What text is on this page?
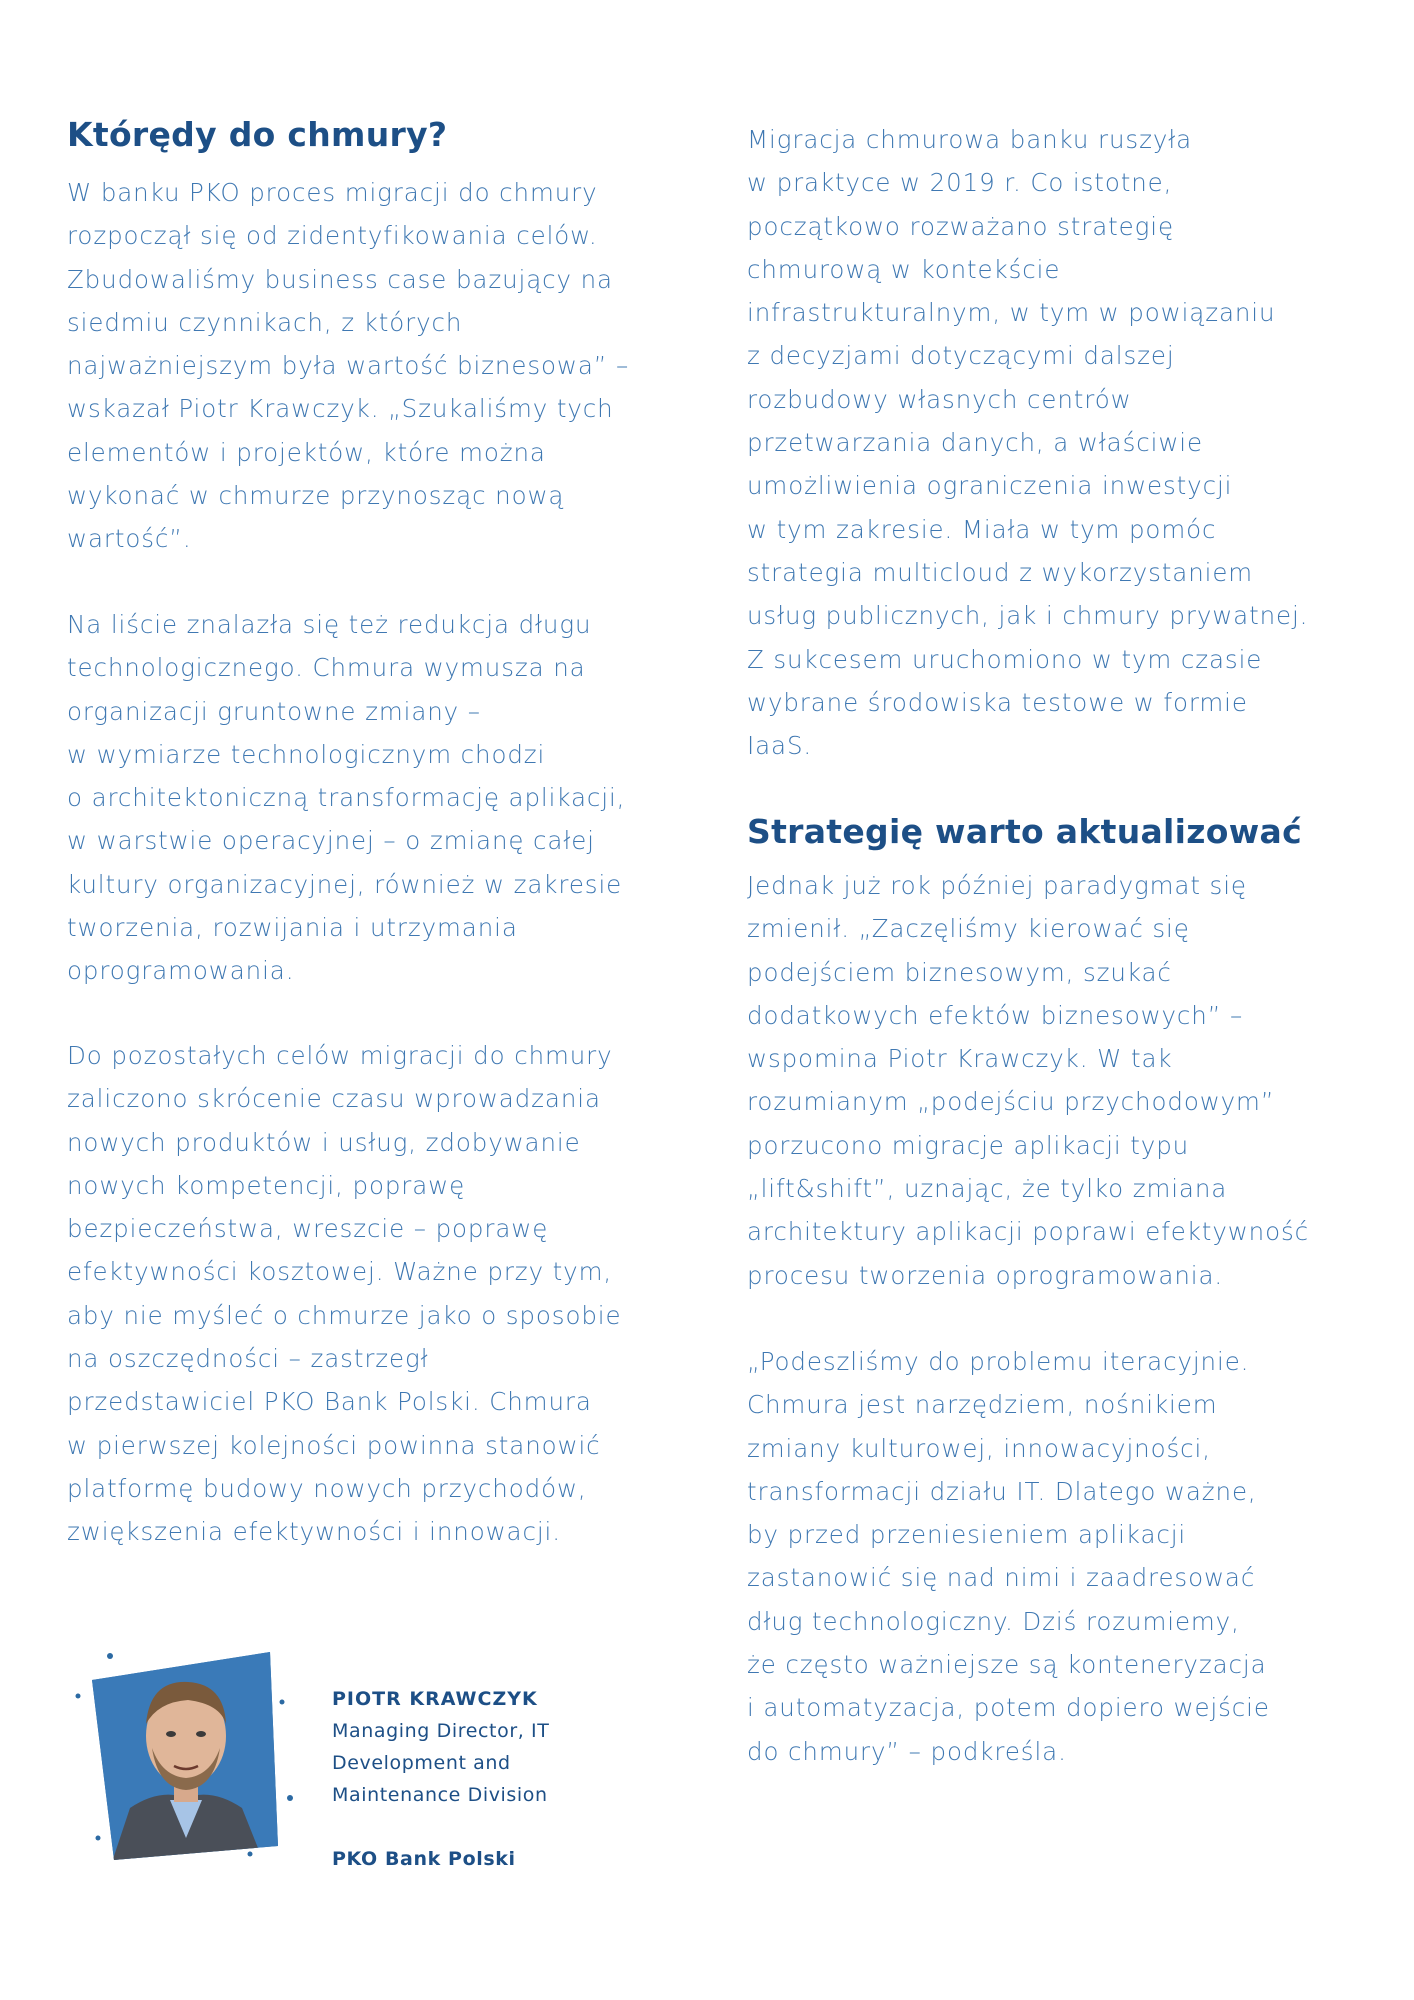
Którędy do chmury?

W banku PKO proces migracji do chmury
rozpoczął się od zidentyfikowania celów.
Zbudowaliśmy business case bazujący na
siedmiu czynnikach, z których
najważniejszym była wartość biznesowa” –
wskazał Piotr Krawczyk. „Szukaliśmy tych
elementów i projektów, które można
wykonać w chmurze przynosząc nową
wartość”.

Na liście znalazła się też redukcja długu
technologicznego. Chmura wymusza na
organizacji gruntowne zmiany –
w wymiarze technologicznym chodzi
o architektoniczną transformację aplikacji,
w warstwie operacyjnej – o zmianę całej
kultury organizacyjnej, również w zakresie
tworzenia, rozwijania i utrzymania
oprogramowania.

Do pozostałych celów migracji do chmury
zaliczono skrócenie czasu wprowadzania
nowych produktów i usług, zdobywanie
nowych kompetencji, poprawę
bezpieczeństwa, wreszcie – poprawę
efektywności kosztowej. Ważne przy tym,
aby nie myśleć o chmurze jako o sposobie
na oszczędności – zastrzegł
przedstawiciel PKO Bank Polski. Chmura
w pierwszej kolejności powinna stanowić
platformę budowy nowych przychodów,
zwiększenia efektywności i innowacji.

Migracja chmurowa banku ruszyła
w praktyce w 2019 r. Co istotne,
początkowo rozważano strategię
chmurową w kontekście
infrastrukturalnym, w tym w powiązaniu
z decyzjami dotyczącymi dalszej
rozbudowy własnych centrów
przetwarzania danych, a właściwie
umożliwienia ograniczenia inwestycji
w tym zakresie. Miała w tym pomóc
strategia multicloud z wykorzystaniem
usług publicznych, jak i chmury prywatnej.
Z sukcesem uruchomiono w tym czasie
wybrane środowiska testowe w formie
IaaS.

Strategię warto aktualizować

Jednak już rok później paradygmat się
zmienił. „Zaczęliśmy kierować się
podejściem biznesowym, szukać
dodatkowych efektów biznesowych” –
wspomina Piotr Krawczyk. W tak
rozumianym „podejściu przychodowym”
porzucono migracje aplikacji typu
„lift&shift”, uznając, że tylko zmiana
architektury aplikacji poprawi efektywność
procesu tworzenia oprogramowania.

„Podeszliśmy do problemu iteracyjnie.
Chmura jest narzędziem, nośnikiem
zmiany kulturowej, innowacyjności,
transformacji działu IT. Dlatego ważne,
by przed przeniesieniem aplikacji
zastanowić się nad nimi i zaadresować
dług technologiczny. Dziś rozumiemy,
że często ważniejsze są konteneryzacja
i automatyzacja, potem dopiero wejście
do chmury” – podkreśla.

PIOTR KRAWCZYK
Managing Director, IT
Development and
Maintenance Division
PKO Bank Polski
